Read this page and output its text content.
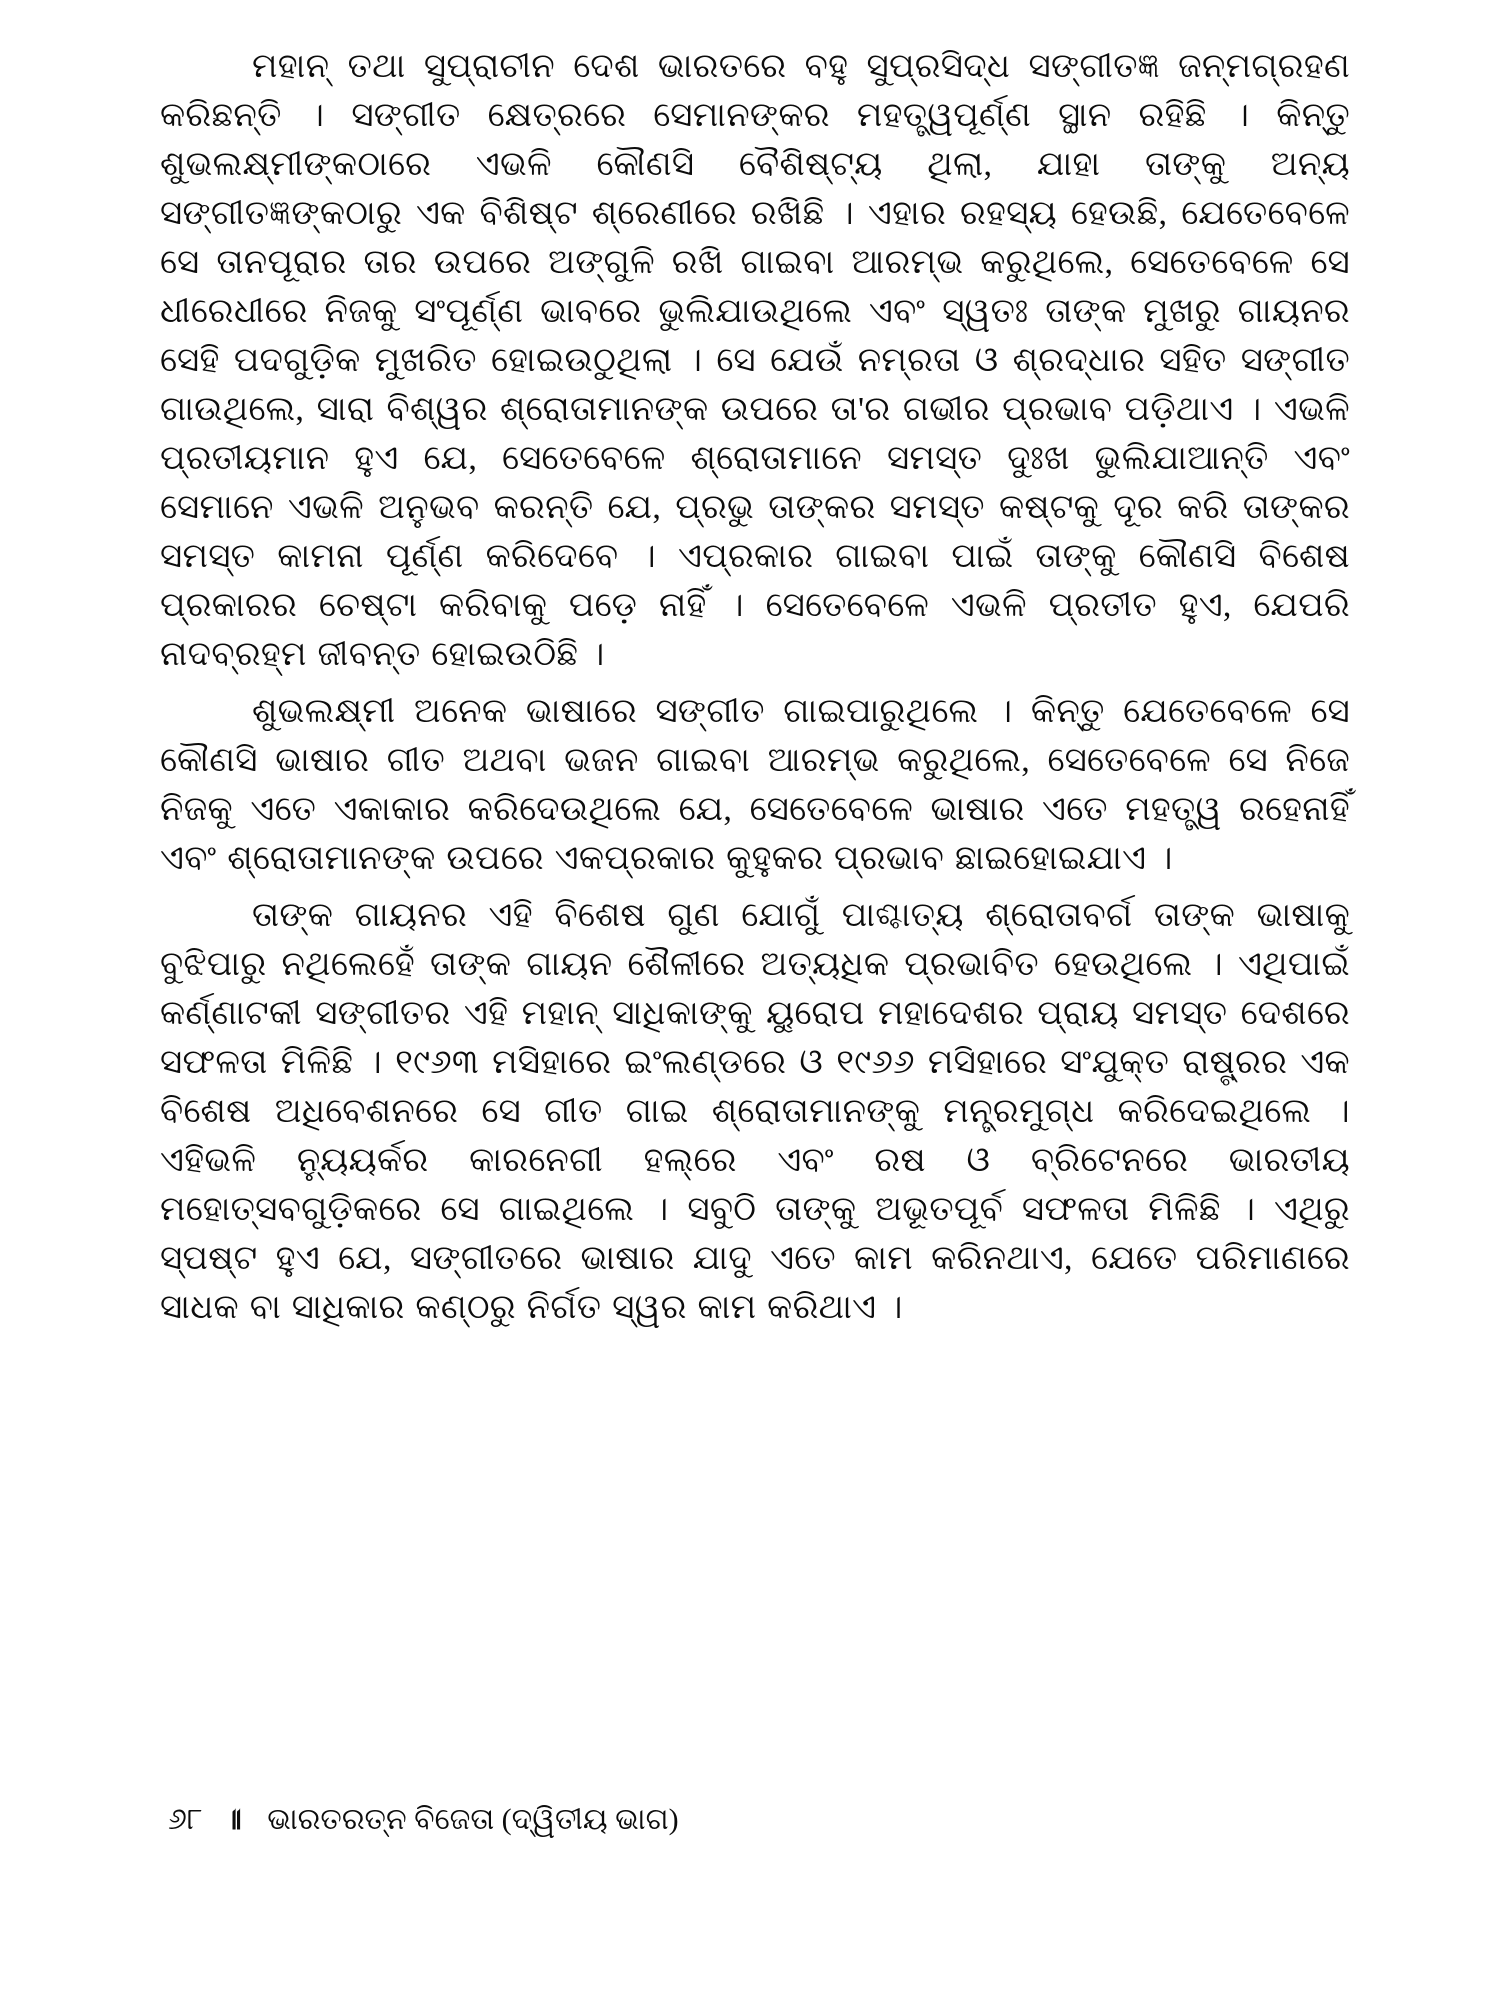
ମହାନ୍ ତଥା ସୁପ୍ରାଚୀନ ଦେଶ ଭାରତରେ ବହୁ ସୁପ୍ରସିଦ୍ଧ ସଙ୍ଗୀତଜ୍ଞ ଜନ୍ମଗ୍ରହଣ କରିଛନ୍ତି । ସଙ୍ଗୀତ କ୍ଷେତ୍ରରେ ସେମାନଙ୍କର ମହତ୍ତ୍ୱପୂର୍ଣ୍ଣ ସ୍ଥାନ ରହିଛି । କିନ୍ତୁ ଶୁଭଲକ୍ଷ୍ମୀଙ୍କଠାରେ ଏଭଳି କୌଣସି ବୈଶିଷ୍ଟ୍ୟ ଥିଲା, ଯାହା ତାଙ୍କୁ ଅନ୍ୟ ସଙ୍ଗୀତଜ୍ଞଙ୍କଠାରୁ ଏକ ବିଶିଷ୍ଟ ଶ୍ରେଣୀରେ ରଖିଛି । ଏହାର ରହସ୍ୟ ହେଉଛି, ଯେତେବେଳେ ସେ ତାନପୂରାର ତାର ଉପରେ ଅଙ୍ଗୁଳି ରଖି ଗାଇବା ଆରମ୍ଭ କରୁଥିଲେ, ସେତେବେଳେ ସେ ଧୀରେଧୀରେ ନିଜକୁ ସଂପୂର୍ଣ୍ଣ ଭାବରେ ଭୁଲିଯାଉଥିଲେ ଏବଂ ସ୍ୱତଃ ତାଙ୍କ ମୁଖରୁ ଗାୟନର ସେହି ପଦଗୁଡ଼ିକ ମୁଖରିତ ହୋଇଉଠୁଥିଲା । ସେ ଯେଉଁ ନମ୍ରତା ଓ ଶ୍ରଦ୍ଧାର ସହିତ ସଙ୍ଗୀତ ଗାଉଥିଲେ, ସାରା ବିଶ୍ୱର ଶ୍ରୋତାମାନଙ୍କ ଉପରେ ତା'ର ଗଭୀର ପ୍ରଭାବ ପଡ଼ିଥାଏ । ଏଭଳି ପ୍ରତୀୟମାନ ହୁଏ ଯେ, ସେତେବେଳେ ଶ୍ରୋତାମାନେ ସମସ୍ତ ଦୁଃଖ ଭୁଲିଯାଆନ୍ତି ଏବଂ ସେମାନେ ଏଭଳି ଅନୁଭବ କରନ୍ତି ଯେ, ପ୍ରଭୁ ତାଙ୍କର ସମସ୍ତ କଷ୍ଟକୁ ଦୂର କରି ତାଙ୍କର ସମସ୍ତ କାମନା ପୂର୍ଣ୍ଣ କରିଦେବେ । ଏପ୍ରକାର ଗାଇବା ପାଇଁ ତାଙ୍କୁ କୌଣସି ବିଶେଷ ପ୍ରକାରର ଚେଷ୍ଟା କରିବାକୁ ପଡ଼େ ନାହିଁ । ସେତେବେଳେ ଏଭଳି ପ୍ରତୀତ ହୁଏ, ଯେପରି ନାଦବ୍ରହ୍ମ ଜୀବନ୍ତ ହୋଇଉଠିଛି ।

ଶୁଭଲକ୍ଷ୍ମୀ ଅନେକ ଭାଷାରେ ସଙ୍ଗୀତ ଗାଇପାରୁଥିଲେ । କିନ୍ତୁ ଯେତେବେଳେ ସେ କୌଣସି ଭାଷାର ଗୀତ ଅଥବା ଭଜନ ଗାଇବା ଆରମ୍ଭ କରୁଥିଲେ, ସେତେବେଳେ ସେ ନିଜେ ନିଜକୁ ଏତେ ଏକାକାର କରିଦେଉଥିଲେ ଯେ, ସେତେବେଳେ ଭାଷାର ଏତେ ମହତ୍ତ୍ୱ ରହେନାହିଁ ଏବଂ ଶ୍ରୋତାମାନଙ୍କ ଉପରେ ଏକପ୍ରକାର କୁହୁକର ପ୍ରଭାବ ଛାଇହୋଇଯାଏ ।

ତାଙ୍କ ଗାୟନର ଏହି ବିଶେଷ ଗୁଣ ଯୋଗୁଁ ପାଶ୍ଚାତ୍ୟ ଶ୍ରୋତାବର୍ଗ ତାଙ୍କ ଭାଷାକୁ ବୁଝିପାରୁ ନଥିଲେହେଁ ତାଙ୍କ ଗାୟନ ଶୈଳୀରେ ଅତ୍ୟଧିକ ପ୍ରଭାବିତ ହେଉଥିଲେ । ଏଥିପାଇଁ କର୍ଣ୍ଣାଟକୀ ସଙ୍ଗୀତର ଏହି ମହାନ୍ ସାଧିକାଙ୍କୁ ୟୁରୋପ ମହାଦେଶର ପ୍ରାୟ ସମସ୍ତ ଦେଶରେ ସଫଳତା ମିଳିଛି । ୧୯୬୩ ମସିହାରେ ଇଂଲଣ୍ଡରେ ଓ ୧୯୬୬ ମସିହାରେ ସଂଯୁକ୍ତ ରାଷ୍ଟ୍ରର ଏକ ବିଶେଷ ଅଧିବେଶନରେ ସେ ଗୀତ ଗାଇ ଶ୍ରୋତାମାନଙ୍କୁ ମନ୍ତ୍ରମୁଗ୍ଧ କରିଦେଇଥିଲେ । ଏହିଭଳି ନ୍ୟୁୟର୍କର କାରନେଗୀ ହଲ୍‌ରେ ଏବଂ ରଷ ଓ ବ୍ରିଟେନରେ ଭାରତୀୟ ମହୋତ୍ସବଗୁଡ଼ିକରେ ସେ ଗାଇଥିଲେ । ସବୁଠି ତାଙ୍କୁ ଅଭୂତପୂର୍ବ ସଫଳତା ମିଳିଛି । ଏଥିରୁ ସ୍ପଷ୍ଟ ହୁଏ ଯେ, ସଙ୍ଗୀତରେ ଭାଷାର ଯାଦୁ ଏତେ କାମ କରିନଥାଏ, ଯେତେ ପରିମାଣରେ ସାଧକ ବା ସାଧିକାର କଣ୍ଠରୁ ନିର୍ଗତ ସ୍ୱର କାମ କରିଥାଏ ।

୬୮ ॥ ଭାରତରତ୍ନ ବିଜେତା (ଦ୍ୱିତୀୟ ଭାଗ)
